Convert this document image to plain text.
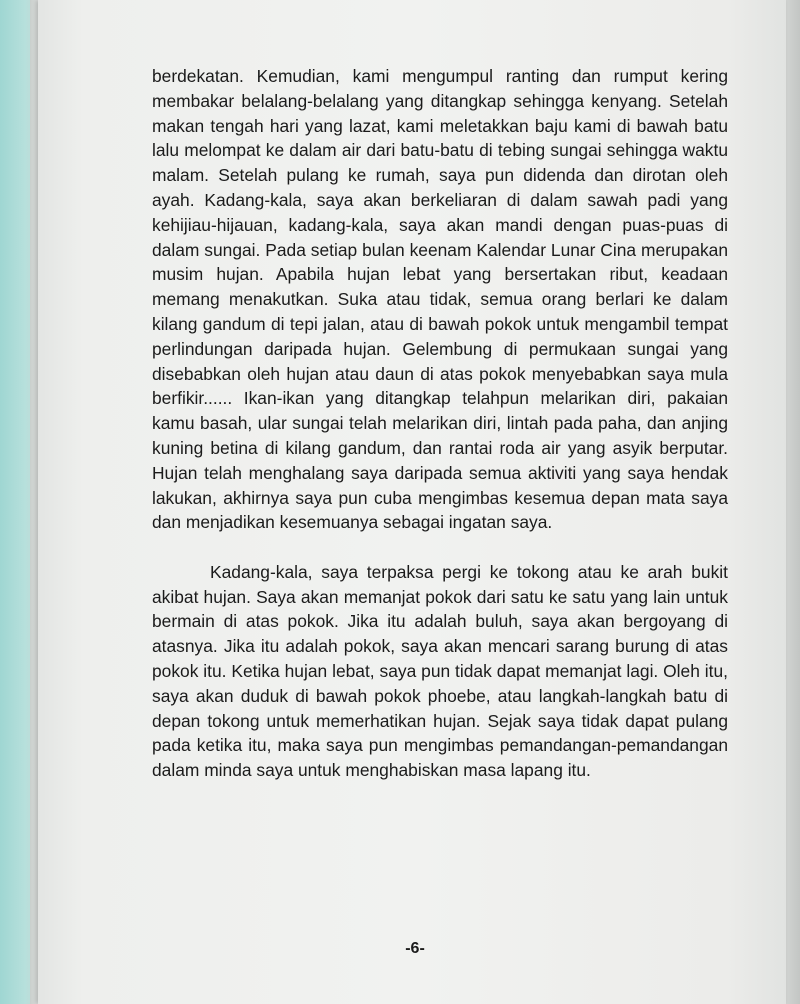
berdekatan. Kemudian, kami mengumpul ranting dan rumput kering membakar belalang-belalang yang ditangkap sehingga kenyang. Setelah makan tengah hari yang lazat, kami meletakkan baju kami di bawah batu lalu melompat ke dalam air dari batu-batu di tebing sungai sehingga waktu malam. Setelah pulang ke rumah, saya pun didenda dan dirotan oleh ayah. Kadang-kala, saya akan berkeliaran di dalam sawah padi yang kehijiau-hijauan, kadang-kala, saya akan mandi dengan puas-puas di dalam sungai. Pada setiap bulan keenam Kalendar Lunar Cina merupakan musim hujan. Apabila hujan lebat yang bersertakan ribut, keadaan memang menakutkan. Suka atau tidak, semua orang berlari ke dalam kilang gandum di tepi jalan, atau di bawah pokok untuk mengambil tempat perlindungan daripada hujan. Gelembung di permukaan sungai yang disebabkan oleh hujan atau daun di atas pokok menyebabkan saya mula berfikir...... Ikan-ikan yang ditangkap telahpun melarikan diri, pakaian kamu basah, ular sungai telah melarikan diri, lintah pada paha, dan anjing kuning betina di kilang gandum, dan rantai roda air yang asyik berputar. Hujan telah menghalang saya daripada semua aktiviti yang saya hendak lakukan, akhirnya saya pun cuba mengimbas kesemua depan mata saya dan menjadikan kesemuanya sebagai ingatan saya.

Kadang-kala, saya terpaksa pergi ke tokong atau ke arah bukit akibat hujan. Saya akan memanjat pokok dari satu ke satu yang lain untuk bermain di atas pokok. Jika itu adalah buluh, saya akan bergoyang di atasnya. Jika itu adalah pokok, saya akan mencari sarang burung di atas pokok itu. Ketika hujan lebat, saya pun tidak dapat memanjat lagi. Oleh itu, saya akan duduk di bawah pokok phoebe, atau langkah-langkah batu di depan tokong untuk memerhatikan hujan. Sejak saya tidak dapat pulang pada ketika itu, maka saya pun mengimbas pemandangan-pemandangan dalam minda saya untuk menghabiskan masa lapang itu.

-6-
